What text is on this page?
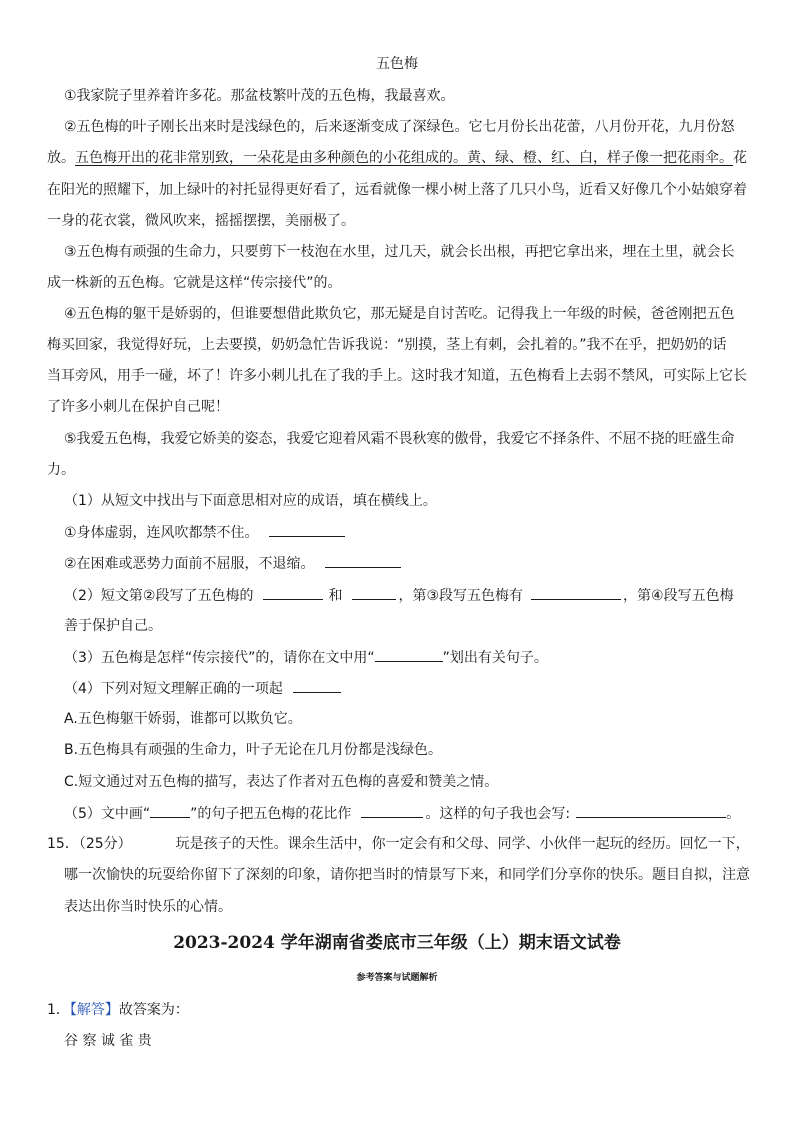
五色梅
①我家院子里养着许多花。那盆枝繁叶茂的五色梅，我最喜欢。
②五色梅的叶子刚长出来时是浅绿色的，后来逐渐变成了深绿色。它七月份长出花蕾，八月份开花，九月份怒
放。五色梅开出的花非常别致，一朵花是由多种颜色的小花组成的。黄、绿、橙、红、白，样子像一把花雨伞。花
在阳光的照耀下，加上绿叶的衬托显得更好看了，远看就像一棵小树上落了几只小鸟，近看又好像几个小姑娘穿着
一身的花衣裳，微风吹来，摇摇摆摆，美丽极了。
③五色梅有顽强的生命力，只要剪下一枝泡在水里，过几天，就会长出根，再把它拿出来，埋在土里，就会长
成一株新的五色梅。它就是这样“传宗接代”的。
④五色梅的躯干是娇弱的，但谁要想借此欺负它，那无疑是自讨苦吃。记得我上一年级的时候，爸爸刚把五色
梅买回家，我觉得好玩，上去要摸，奶奶急忙告诉我说：“别摸，茎上有刺，会扎着的。”我不在乎，把奶奶的话
当耳旁风，用手一碰，坏了！许多小刺儿扎在了我的手上。这时我才知道，五色梅看上去弱不禁风，可实际上它长
了许多小刺儿在保护自己呢！
⑤我爱五色梅，我爱它娇美的姿态，我爱它迎着风霜不畏秋寒的傲骨，我爱它不择条件、不屈不挠的旺盛生命
力。
（1）从短文中找出与下面意思相对应的成语，填在横线上。
①身体虚弱，连风吹都禁不住。
②在困难或恶势力面前不屈服，不退缩。
（2）短文第②段写了五色梅的	和	，第③段写五色梅有	，第④段写五色梅
善于保护自己。
（3）五色梅是怎样“传宗接代”的，请你在文中用“	”划出有关句子。
（4）下列对短文理解正确的一项起
A.五色梅躯干娇弱，谁都可以欺负它。
B.五色梅具有顽强的生命力，叶子无论在几月份都是浅绿色。
C.短文通过对五色梅的描写，表达了作者对五色梅的喜爱和赞美之情。
（5）文中画“	”的句子把五色梅的花比作	。这样的句子我也会写:	。
15．（25分）	玩是孩子的天性。课余生活中，你一定会有和父母、同学、小伙伴一起玩的经历。回忆一下，
哪一次愉快的玩耍给你留下了深刻的印象，请你把当时的情景写下来，和同学们分享你的快乐。题目自拟，注意
表达出你当时快乐的心情。
2023-2024 学年湖南省娄底市三年级（上）期末语文试卷
参考答案与试题解析
1．【解答】故答案为：
谷 察 诚 雀 贵
